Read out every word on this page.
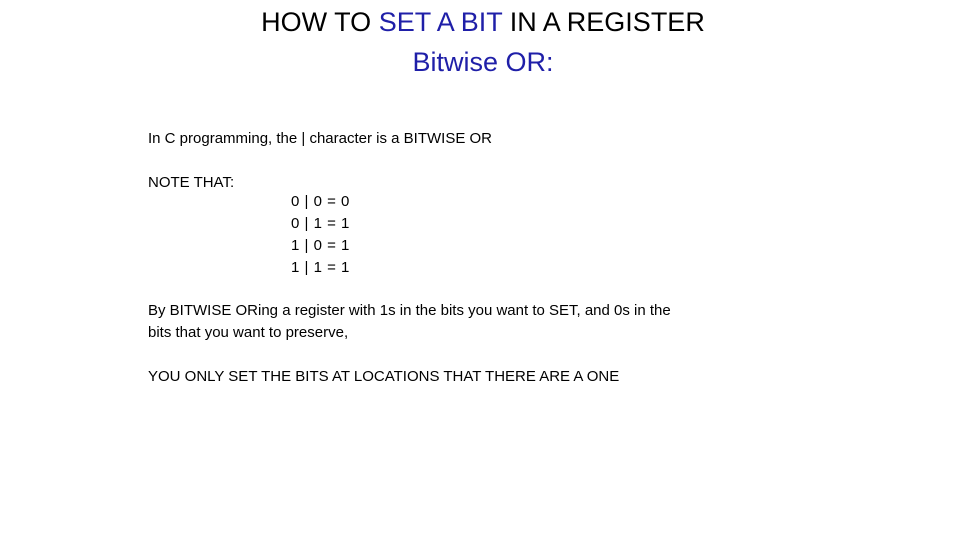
HOW TO SET A BIT IN A REGISTER
Bitwise OR:
In C programming, the | character is a BITWISE OR
NOTE THAT:
0 | 0 = 0
0 | 1 = 1
1 | 0 = 1
1 | 1 = 1
By BITWISE ORing a register with 1s in the bits you want to SET, and 0s in the
bits that you want to preserve,
YOU ONLY SET THE BITS AT LOCATIONS THAT THERE ARE A ONE
